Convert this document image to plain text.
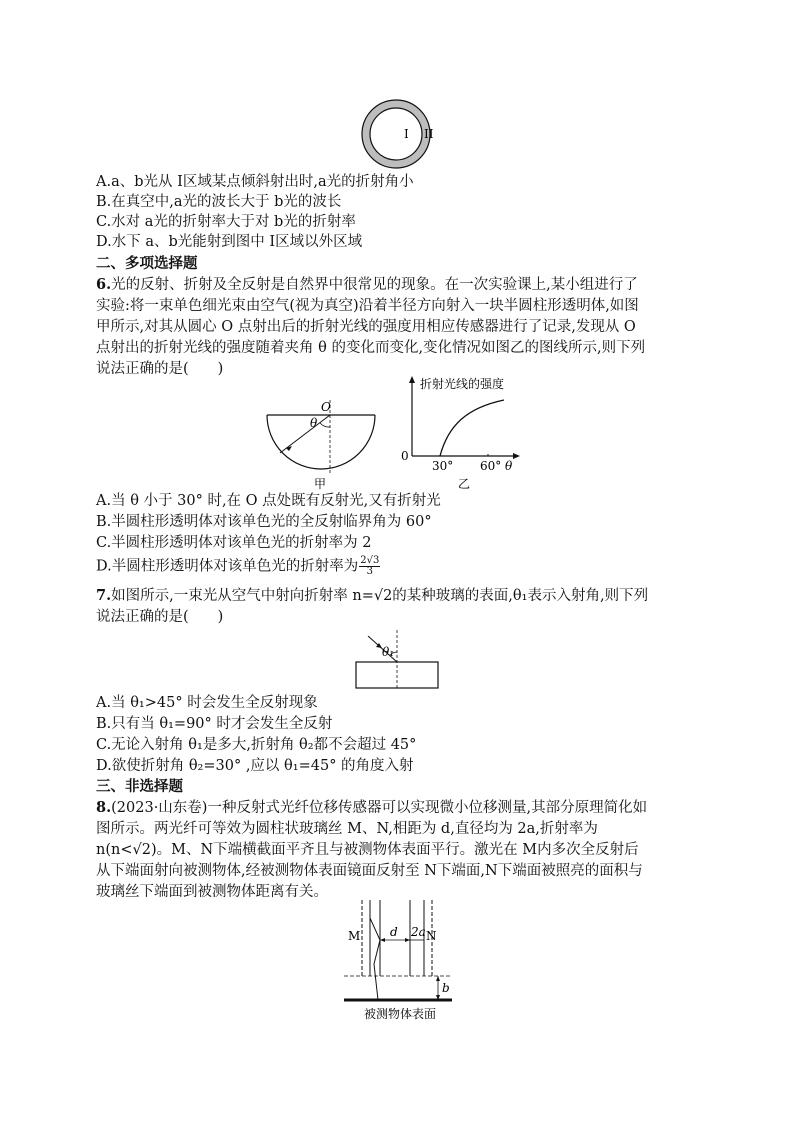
I II
A.a、b光从 Ⅰ区域某点倾斜射出时,a光的折射角小
B.在真空中,a光的波长大于 b光的波长
C.水对 a光的折射率大于对 b光的折射率
D.水下 a、b光能射到图中 Ⅰ区域以外区域
二、多项选择题
6.光的反射、折射及全反射是自然界中很常见的现象。在一次实验课上,某小组进行了
实验:将一束单色细光束由空气(视为真空)沿着半径方向射入一块半圆柱形透明体,如图
甲所示,对其从圆心 O 点射出后的折射光线的强度用相应传感器进行了记录,发现从 O
点射出的折射光线的强度随着夹角 θ 的变化而变化,变化情况如图乙的图线所示,则下列
说法正确的是(　　)
O
θ
甲
折射光线的强度
0
30° 60° θ
乙
A.当 θ 小于 30° 时,在 O 点处既有反射光,又有折射光
B.半圆柱形透明体对该单色光的全反射临界角为 60°
C.半圆柱形透明体对该单色光的折射率为 2
D.半圆柱形透明体对该单色光的折射率为 $\frac{2√3}{3}$
7.如图所示,一束光从空气中射向折射率 n=√2的某种玻璃的表面,θ₁表示入射角,则下列
说法正确的是(　　)
θ₁
A.当 θ₁>45° 时会发生全反射现象
B.只有当 θ₁=90° 时才会发生全反射
C.无论入射角 θ₁是多大,折射角 θ₂都不会超过 45°
D.欲使折射角 θ₂=30° ,应以 θ₁=45° 的角度入射
三、非选择题
8.(2023·山东卷)一种反射式光纤位移传感器可以实现微小位移测量,其部分原理简化如
图所示。两光纤可等效为圆柱状玻璃丝 M、N,相距为 d,直径均为 2a,折射率为
n(n<√2)。M、N下端横截面平齐且与被测物体表面平行。激光在 M内多次全反射后
从下端面射向被测物体,经被测物体表面镜面反射至 N下端面,N下端面被照亮的面积与
玻璃丝下端面到被测物体距离有关。
M	N
d 2a
b
被测物体表面
